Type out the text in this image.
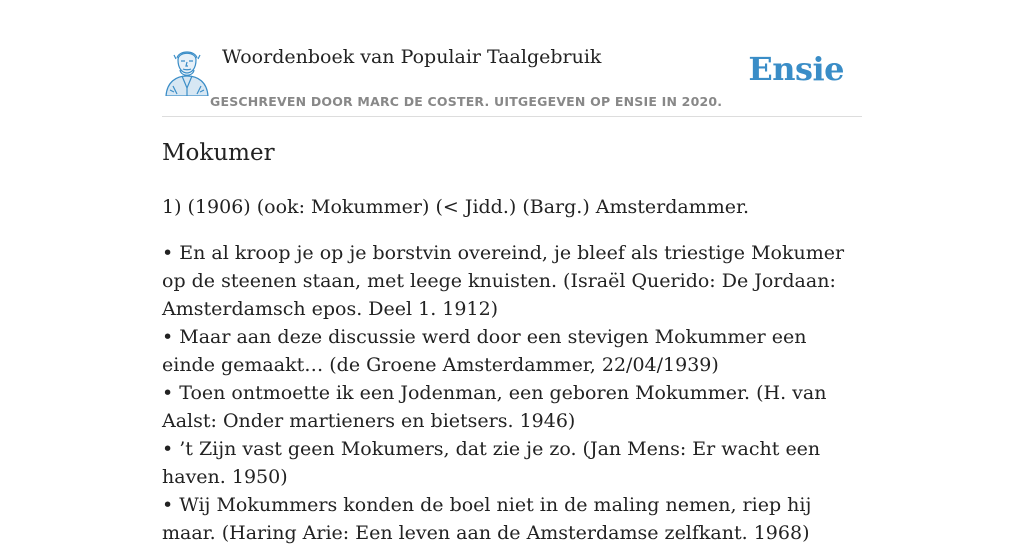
Woordenboek van Populair Taalgebruik
GESCHREVEN DOOR MARC DE COSTER. UITGEGEVEN OP ENSIE IN 2020.
Ensie
Mokumer

1) (1906) (ook: Mokummer) (< Jidd.) (Barg.) Amsterdammer.

• En al kroop je op je borstvin overeind, je bleef als triestige Mokumer op de steenen staan, met leege knuisten. (Israël Querido: De Jordaan: Amsterdamsch epos. Deel 1. 1912)
• Maar aan deze discussie werd door een stevigen Mokummer een einde gemaakt… (de Groene Amsterdammer, 22/04/1939)
• Toen ontmoette ik een Jodenman, een geboren Mokummer. (H. van Aalst: Onder martieners en bietsers. 1946)
• ’t Zijn vast geen Mokumers, dat zie je zo. (Jan Mens: Er wacht een haven. 1950)
• Wij Mokummers konden de boel niet in de maling nemen, riep hij maar. (Haring Arie: Een leven aan de Amsterdamse zelfkant. 1968)
